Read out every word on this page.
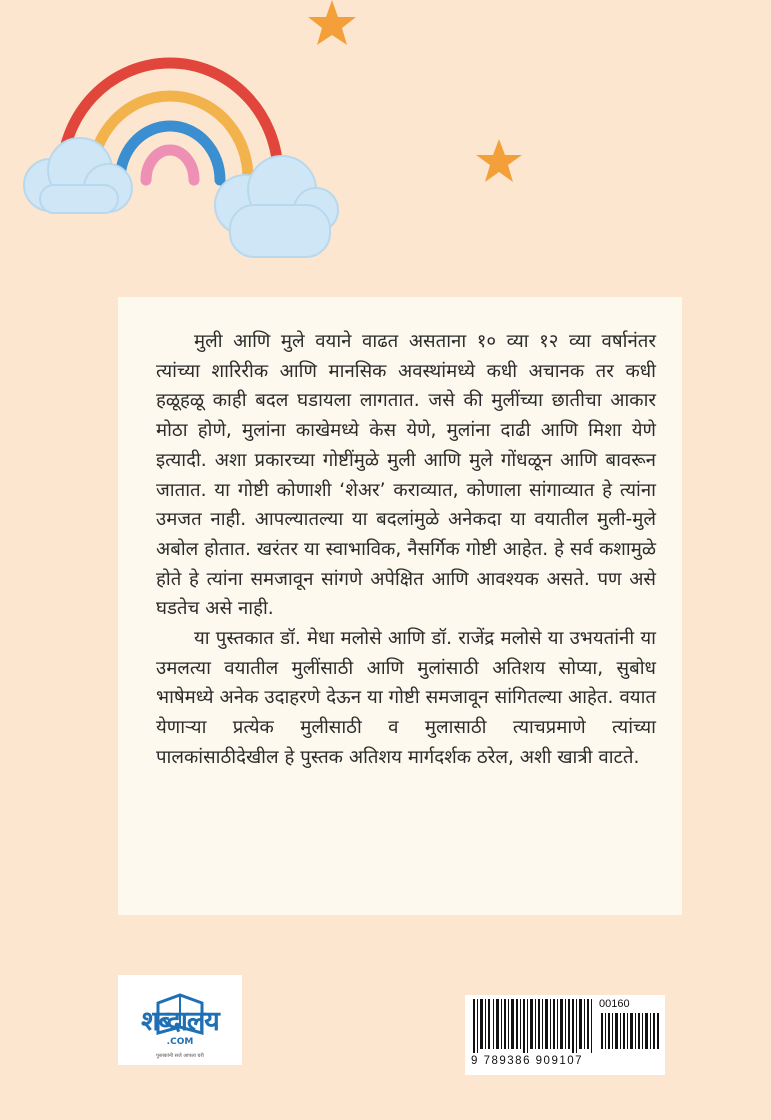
मुली आणि मुले वयाने वाढत असताना १० व्या १२ व्या वर्षानंतर त्यांच्या शारिरीक आणि मानसिक अवस्थांमध्ये कधी अचानक तर कधी हळूहळू काही बदल घडायला लागतात. जसे की मुलींच्या छातीचा आकार मोठा होणे, मुलांना काखेमध्ये केस येणे, मुलांना दाढी आणि मिशा येणे इत्यादी. अशा प्रकारच्या गोष्टींमुळे मुली आणि मुले गोंधळून आणि बावरून जातात. या गोष्टी कोणाशी ‘शेअर’ कराव्यात, कोणाला सांगाव्यात हे त्यांना उमजत नाही. आपल्यातल्या या बदलांमुळे अनेकदा या वयातील मुली-मुले अबोल होतात. खरंतर या स्वाभाविक, नैसर्गिक गोष्टी आहेत. हे सर्व कशामुळे होते हे त्यांना समजावून सांगणे अपेक्षित आणि आवश्यक असते. पण असे घडतेच असे नाही.

या पुस्तकात डॉ. मेधा मलोसे आणि डॉ. राजेंद्र मलोसे या उभयतांनी या उमलत्या वयातील मुलींसाठी आणि मुलांसाठी अतिशय सोप्या, सुबोध भाषेमध्ये अनेक उदाहरणे देऊन या गोष्टी समजावून सांगितल्या आहेत. वयात येणाऱ्या प्रत्येक मुलीसाठी व मुलासाठी त्याचप्रमाणे त्यांच्या पालकांसाठीदेखील हे पुस्तक अतिशय मार्गदर्शक ठरेल, अशी खात्री वाटते.

शब्दालय
.COM
पुस्तकांनी सजे आपला घरी
00160
9 789386 909107
